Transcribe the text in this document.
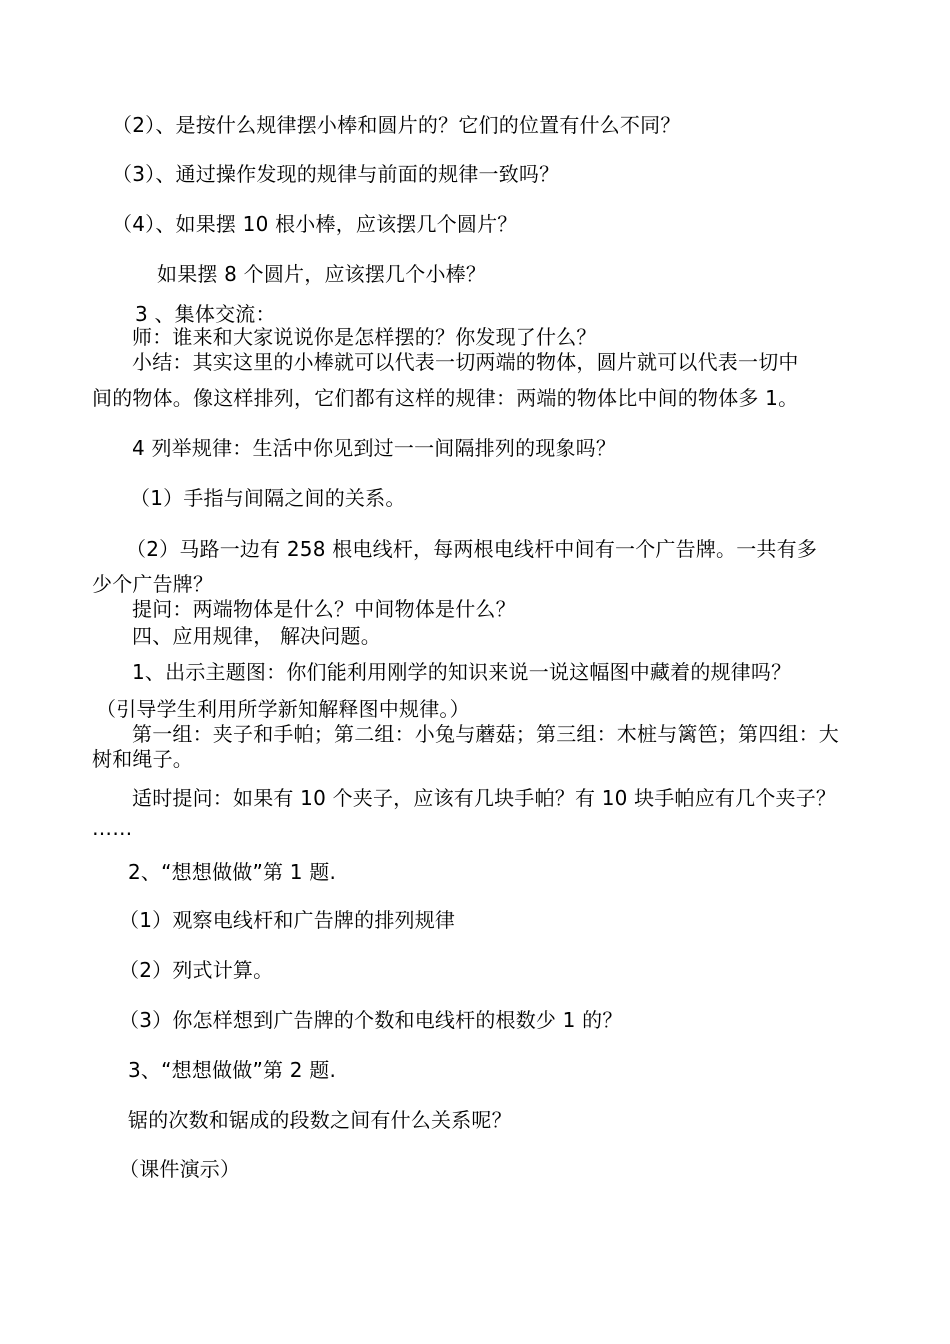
（2）、是按什么规律摆小棒和圆片的？它们的位置有什么不同？
（3）、通过操作发现的规律与前面的规律一致吗？
（4）、如果摆 10 根小棒，应该摆几个圆片？
如果摆 8 个圆片，应该摆几个小棒？
3 、集体交流：
师：谁来和大家说说你是怎样摆的？你发现了什么？
小结：其实这里的小棒就可以代表一切两端的物体，圆片就可以代表一切中
间的物体。像这样排列，它们都有这样的规律：两端的物体比中间的物体多 1。
4 列举规律：生活中你见到过一一间隔排列的现象吗？
（1）手指与间隔之间的关系。
（2）马路一边有 258 根电线杆，每两根电线杆中间有一个广告牌。一共有多
少个广告牌？
提问：两端物体是什么？中间物体是什么？
四、应用规律， 解决问题。
1、出示主题图：你们能利用刚学的知识来说一说这幅图中藏着的规律吗？
（引导学生利用所学新知解释图中规律。）
第一组：夹子和手帕；第二组：小兔与蘑菇；第三组：木桩与篱笆；第四组：大
树和绳子。
适时提问：如果有 10 个夹子，应该有几块手帕？有 10 块手帕应有几个夹子？
……
2、“想想做做”第 1 题.
（1）观察电线杆和广告牌的排列规律
（2）列式计算。
（3）你怎样想到广告牌的个数和电线杆的根数少 1 的？
3、“想想做做”第 2 题.
锯的次数和锯成的段数之间有什么关系呢？
（课件演示）
